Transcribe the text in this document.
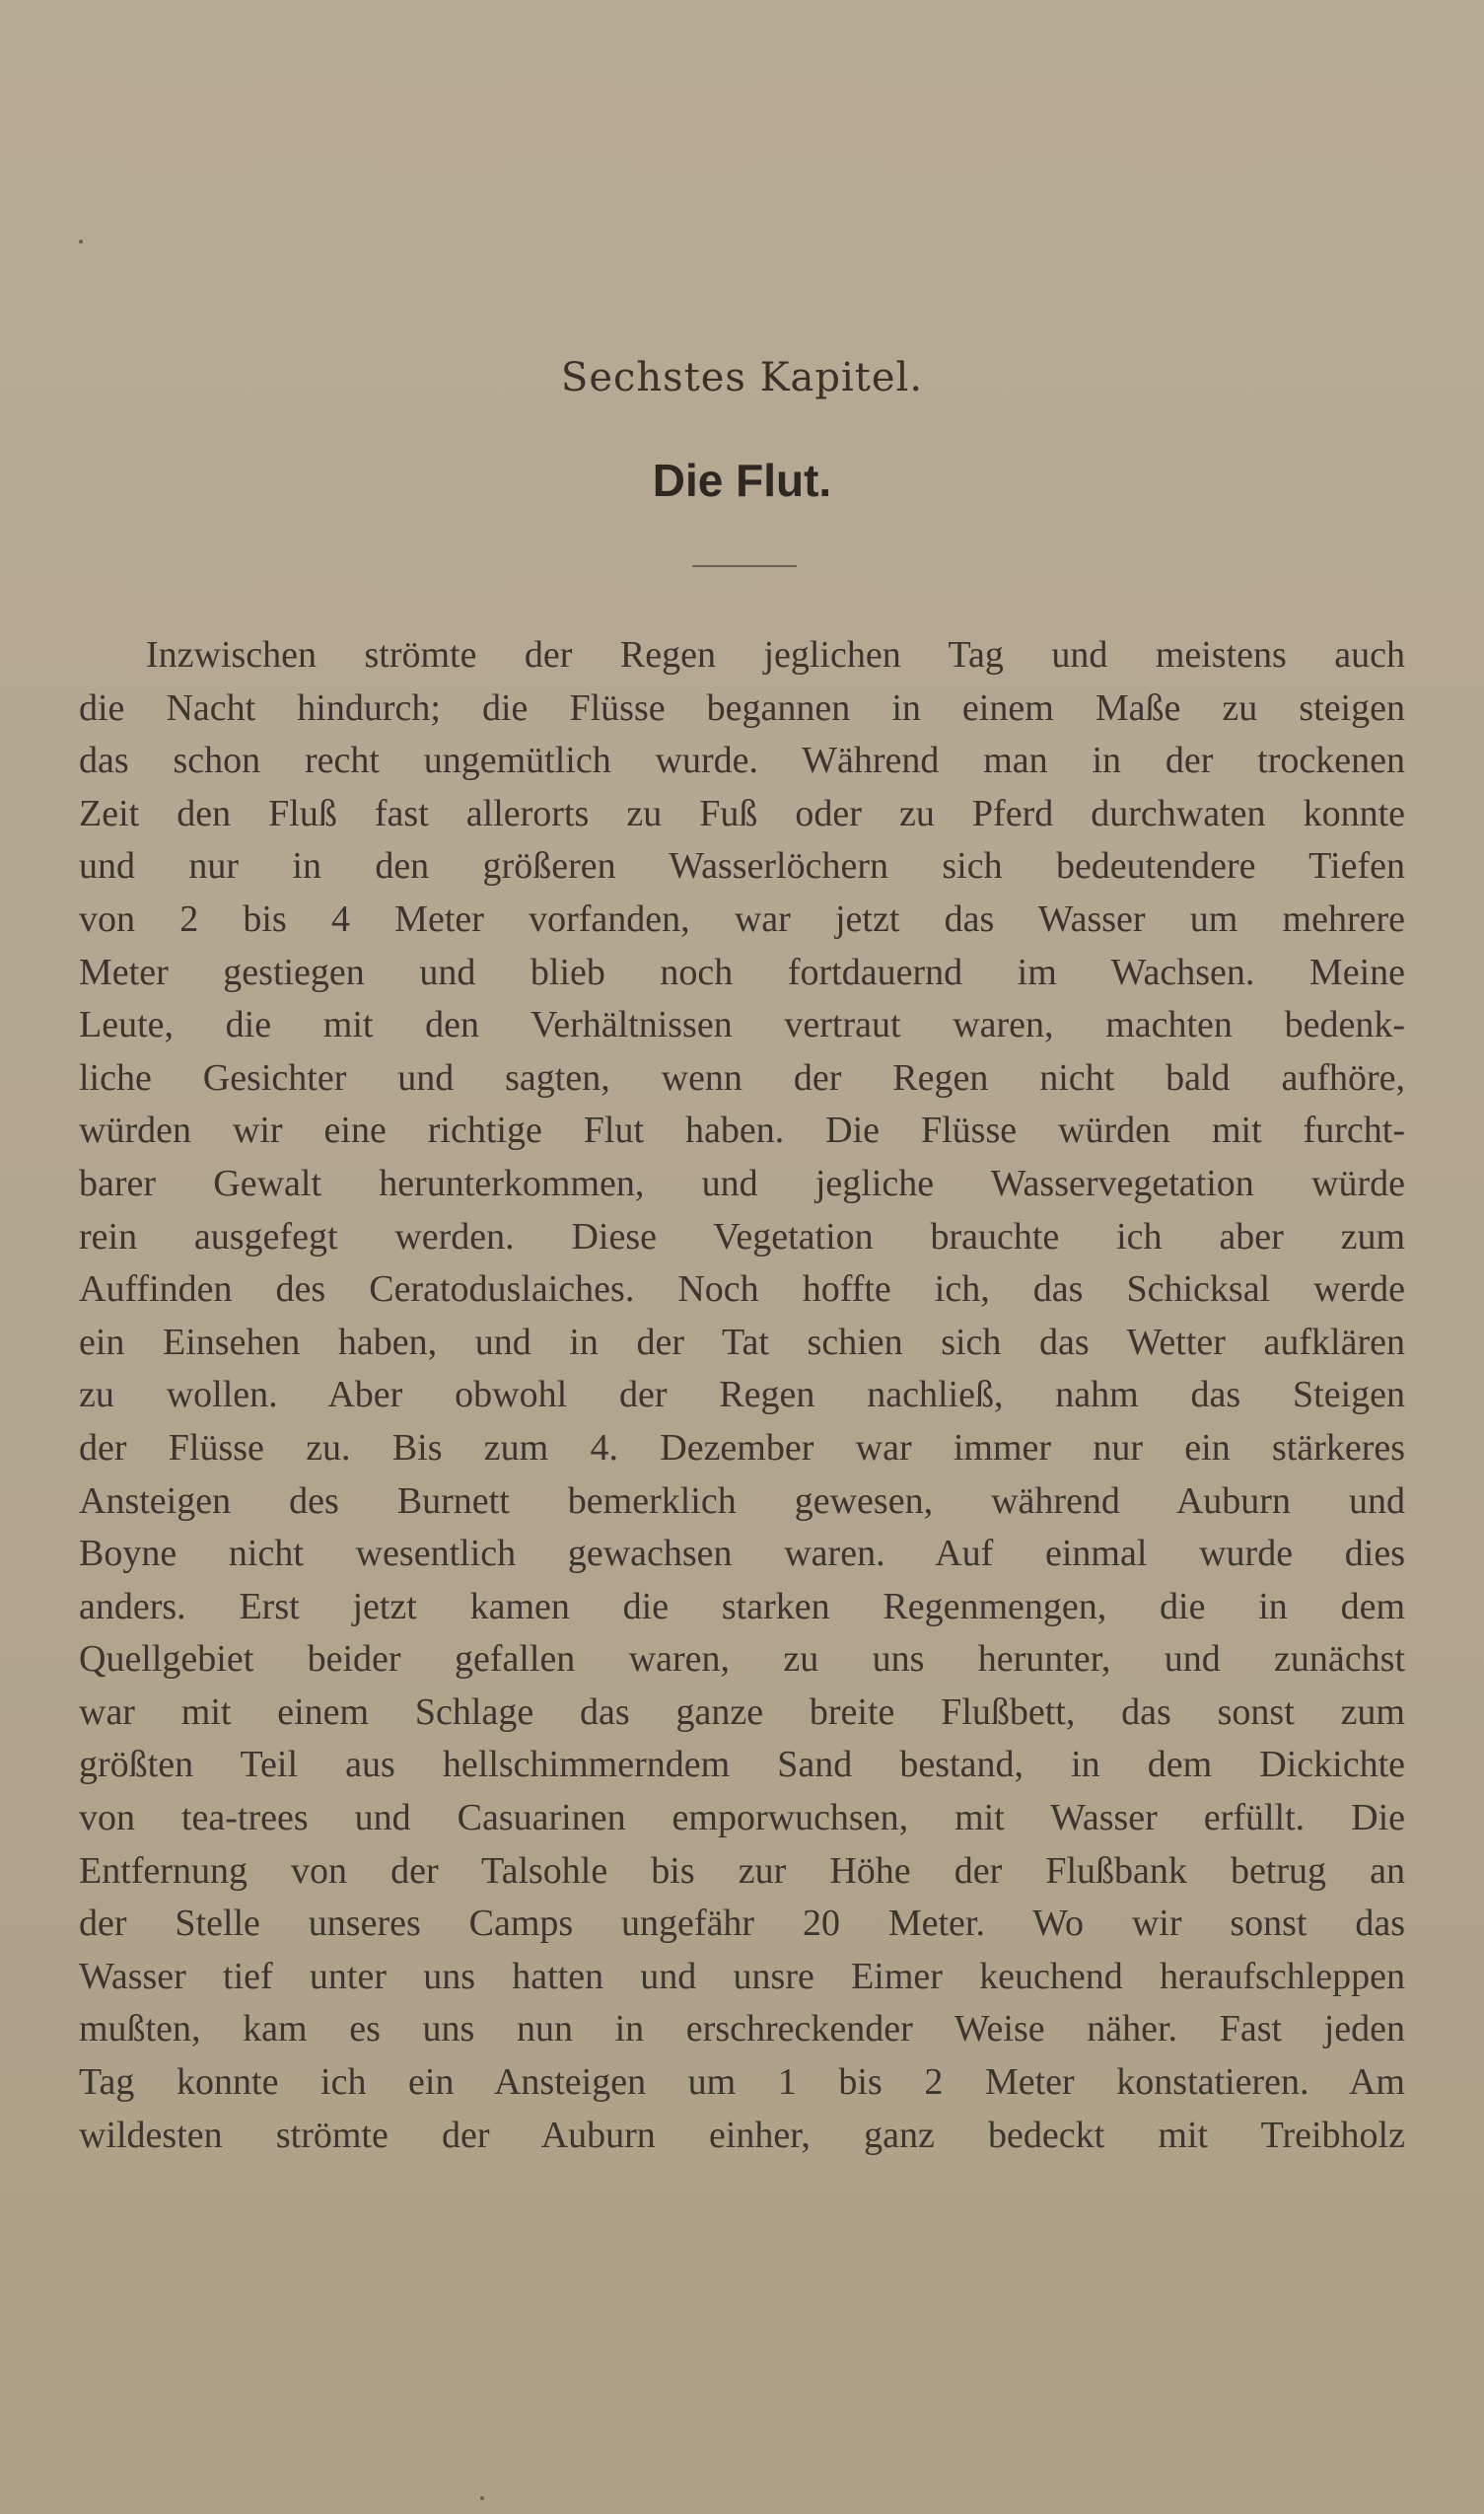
Sechstes Kapitel.
Die Flut.
Inzwischen strömte der Regen jeglichen Tag und meistens auch
die Nacht hindurch; die Flüsse begannen in einem Maße zu steigen
das schon recht ungemütlich wurde. Während man in der trockenen
Zeit den Fluß fast allerorts zu Fuß oder zu Pferd durchwaten konnte
und nur in den größeren Wasserlöchern sich bedeutendere Tiefen
von 2 bis 4 Meter vorfanden, war jetzt das Wasser um mehrere
Meter gestiegen und blieb noch fortdauernd im Wachsen. Meine
Leute, die mit den Verhältnissen vertraut waren, machten bedenk-
liche Gesichter und sagten, wenn der Regen nicht bald aufhöre,
würden wir eine richtige Flut haben. Die Flüsse würden mit furcht-
barer Gewalt herunterkommen, und jegliche Wasservegetation würde
rein ausgefegt werden. Diese Vegetation brauchte ich aber zum
Auffinden des Ceratoduslaiches. Noch hoffte ich, das Schicksal werde
ein Einsehen haben, und in der Tat schien sich das Wetter aufklären
zu wollen. Aber obwohl der Regen nachließ, nahm das Steigen
der Flüsse zu. Bis zum 4. Dezember war immer nur ein stärkeres
Ansteigen des Burnett bemerklich gewesen, während Auburn und
Boyne nicht wesentlich gewachsen waren. Auf einmal wurde dies
anders. Erst jetzt kamen die starken Regenmengen, die in dem
Quellgebiet beider gefallen waren, zu uns herunter, und zunächst
war mit einem Schlage das ganze breite Flußbett, das sonst zum
größten Teil aus hellschimmerndem Sand bestand, in dem Dickichte
von tea-trees und Casuarinen emporwuchsen, mit Wasser erfüllt. Die
Entfernung von der Talsohle bis zur Höhe der Flußbank betrug an
der Stelle unseres Camps ungefähr 20 Meter. Wo wir sonst das
Wasser tief unter uns hatten und unsre Eimer keuchend heraufschleppen
mußten, kam es uns nun in erschreckender Weise näher. Fast jeden
Tag konnte ich ein Ansteigen um 1 bis 2 Meter konstatieren. Am
wildesten strömte der Auburn einher, ganz bedeckt mit Treibholz
